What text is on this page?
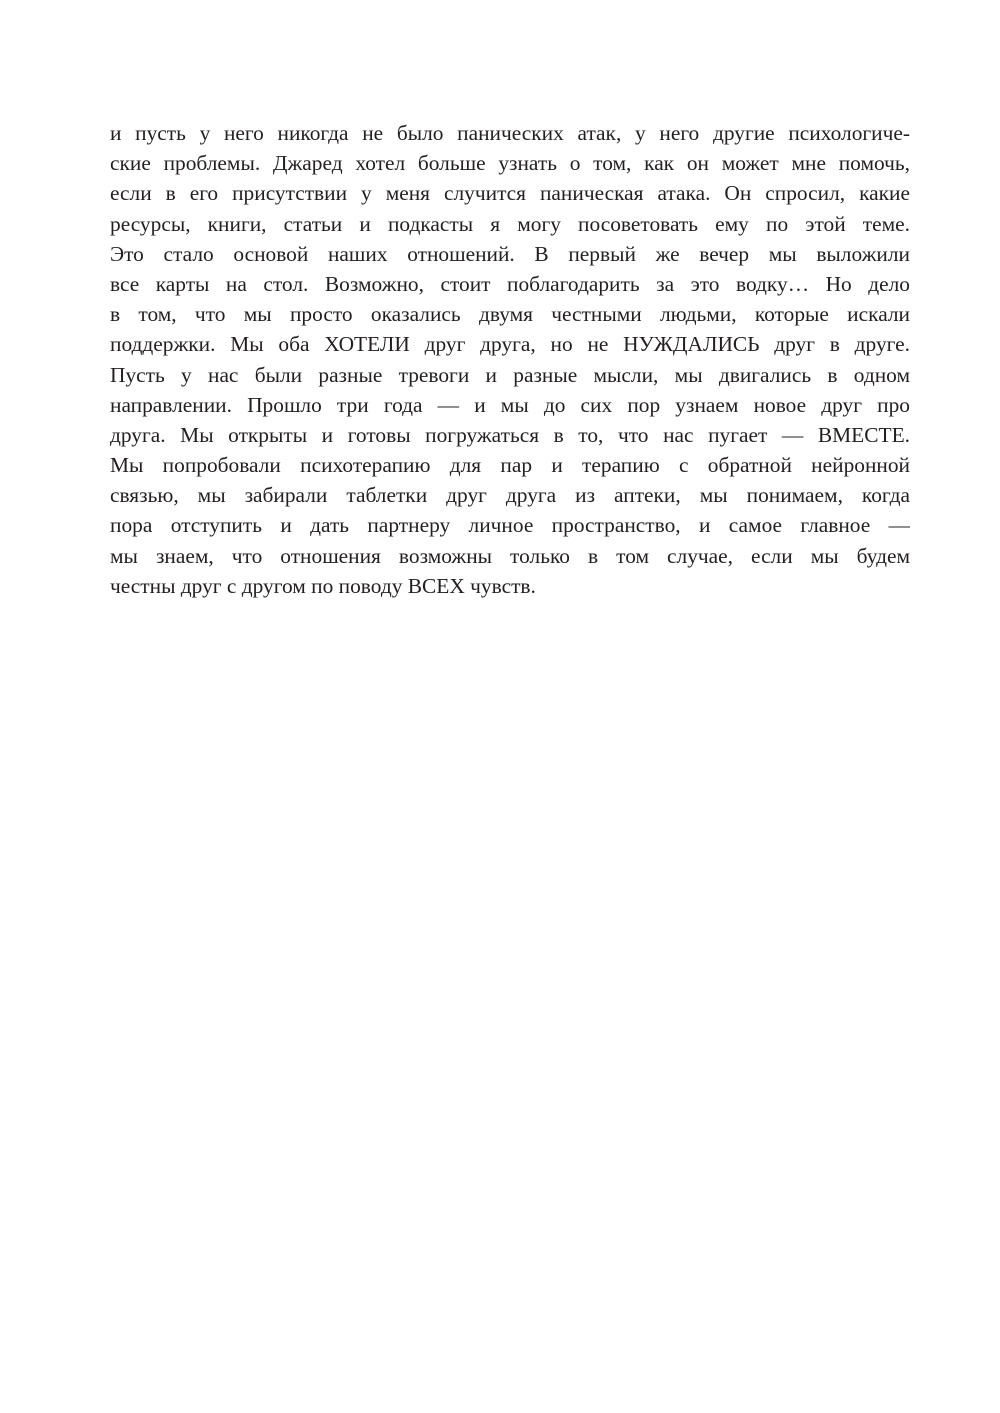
и пусть у него никогда не было панических атак, у него другие психологиче-
ские проблемы. Джаред хотел больше узнать о том, как он может мне помочь,
если в его присутствии у меня случится паническая атака. Он спросил, какие
ресурсы, книги, статьи и подкасты я могу посоветовать ему по этой теме.
Это стало основой наших отношений. В первый же вечер мы выложили
все карты на стол. Возможно, стоит поблагодарить за это водку… Но дело
в том, что мы просто оказались двумя честными людьми, которые искали
поддержки. Мы оба ХОТЕЛИ друг друга, но не НУЖДАЛИСЬ друг в друге.
Пусть у нас были разные тревоги и разные мысли, мы двигались в одном
направлении. Прошло три года — и мы до сих пор узнаем новое друг про
друга. Мы открыты и готовы погружаться в то, что нас пугает — ВМЕСТЕ.
Мы попробовали психотерапию для пар и терапию с обратной нейронной
связью, мы забирали таблетки друг друга из аптеки, мы понимаем, когда
пора отступить и дать партнеру личное пространство, и самое главное —
мы знаем, что отношения возможны только в том случае, если мы будем
честны друг с другом по поводу ВСЕХ чувств.
